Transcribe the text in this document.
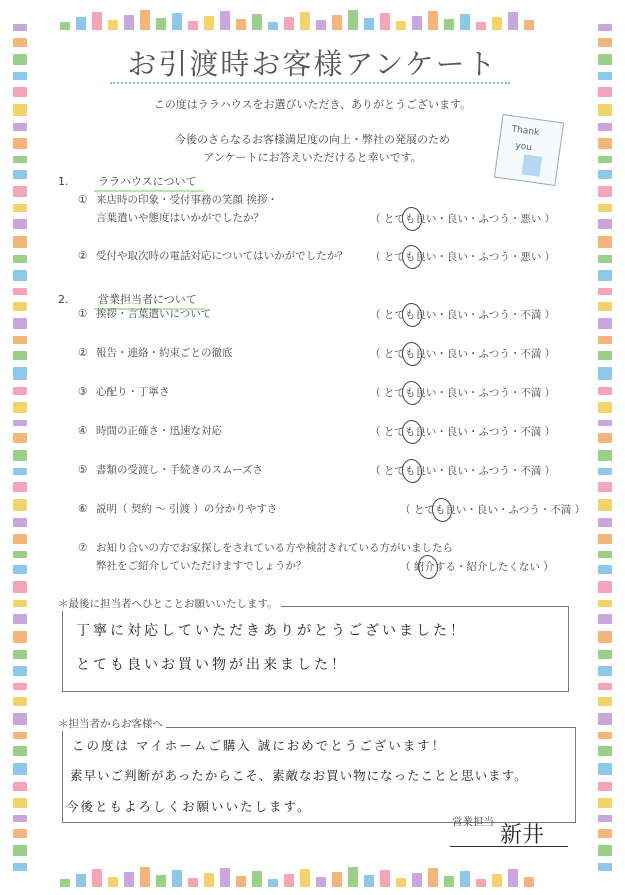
お引渡時お客様アンケート
この度はララハウスをお選びいただき、ありがとうございます。
今後のさらなるお客様満足度の向上・弊社の発展のため
アンケートにお答えいただけると幸いです。
Thank
you
1.	ララハウスについて
① 来店時の印象・受付事務の笑顔 挨拶・
言葉遣いや態度はいかがでしたか？	（ とても良い・良い・ふつう・悪い ）
② 受付や取次時の電話対応についてはいかがでしたか？ （ とても良い・良い・ふつう・悪い ）
2.	営業担当者について
① 挨拶・言葉遣いについて	（ とても良い・良い・ふつう・不満 ）
② 報告・連絡・約束ごとの徹底	（ とても良い・良い・ふつう・不満 ）
③ 心配り・丁寧さ	（ とても良い・良い・ふつう・不満 ）
④ 時間の正確さ・迅速な対応	（ とても良い・良い・ふつう・不満 ）
⑤ 書類の受渡し・手続きのスムーズさ	（ とても良い・良い・ふつう・不満 ）
⑥ 説明（ 契約 ～ 引渡 ）の分かりやすさ	（ とても良い・良い・ふつう・不満 ）
⑦ お知り合いの方でお家探しをされている方や検討されている方がいましたら
弊社をご紹介していただけますでしょうか？	（ 紹介する・紹介したくない ）
＊最後に担当者へひとことお願いいたします。
丁寧に対応していただきありがとうございました！
とても良いお買い物が出来ました！
＊担当者からお客様へ
この度は マイホームご購入 誠におめでとうございます！
素早いご判断があったからこそ、素敵なお買い物になったことと思います。
今後ともよろしくお願いいたします。
営業担当
新井
